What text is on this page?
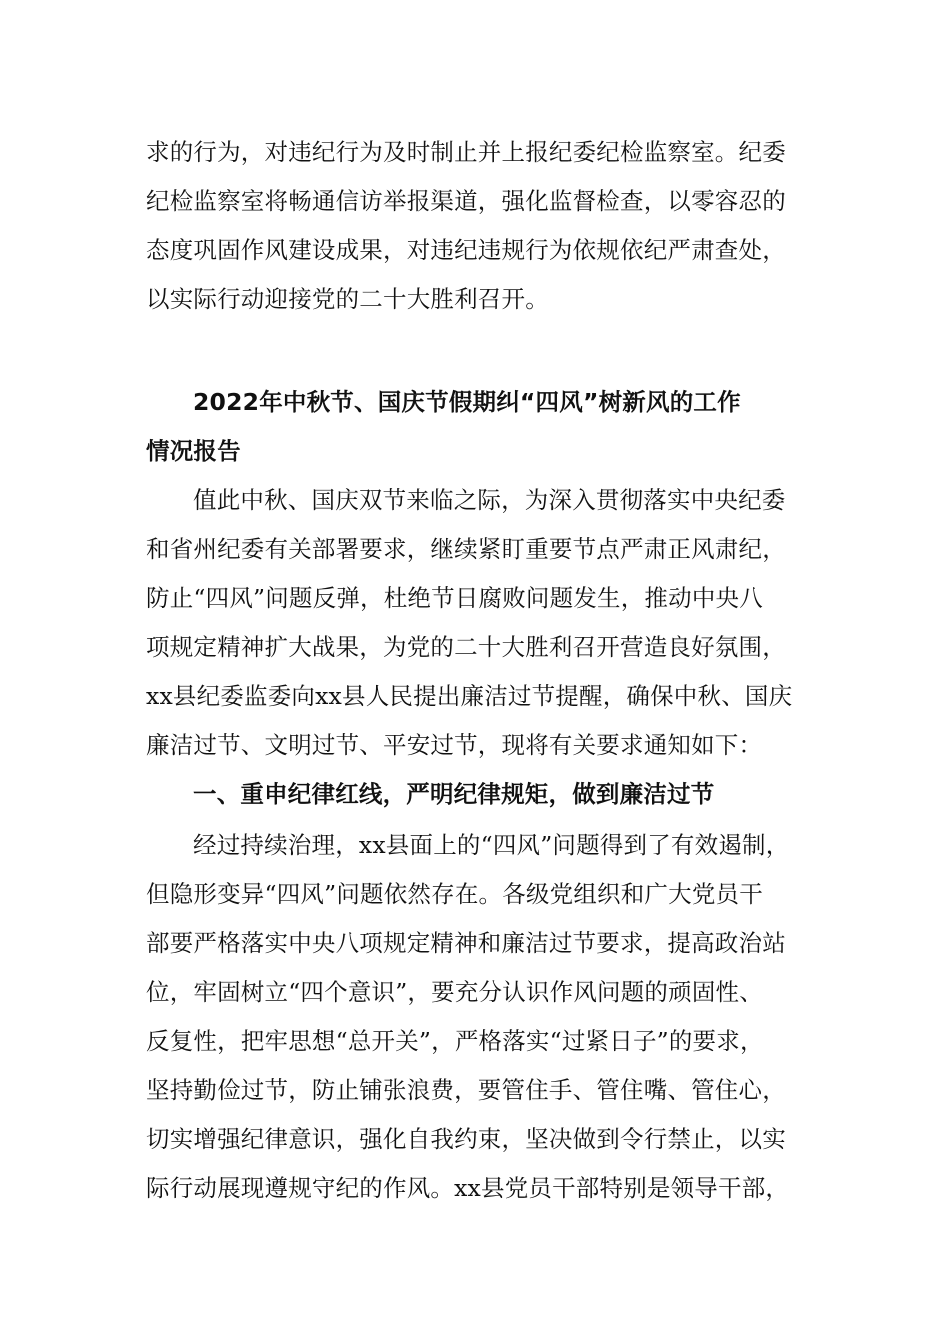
求的行为，对违纪行为及时制止并上报纪委纪检监察室。纪委
纪检监察室将畅通信访举报渠道，强化监督检查，以零容忍的
态度巩固作风建设成果，对违纪违规行为依规依纪严肃查处，
以实际行动迎接党的二十大胜利召开。
2022年中秋节、国庆节假期纠“四风”树新风的工作
情况报告
值此中秋、国庆双节来临之际，为深入贯彻落实中央纪委
和省州纪委有关部署要求，继续紧盯重要节点严肃正风肃纪，
防止“四风”问题反弹，杜绝节日腐败问题发生，推动中央八
项规定精神扩大战果，为党的二十大胜利召开营造良好氛围，
xx县纪委监委向xx县人民提出廉洁过节提醒，确保中秋、国庆
廉洁过节、文明过节、平安过节，现将有关要求通知如下：
一、重申纪律红线，严明纪律规矩，做到廉洁过节
经过持续治理，xx县面上的“四风”问题得到了有效遏制，
但隐形变异“四风”问题依然存在。各级党组织和广大党员干
部要严格落实中央八项规定精神和廉洁过节要求，提高政治站
位，牢固树立“四个意识”，要充分认识作风问题的顽固性、
反复性，把牢思想“总开关”，严格落实“过紧日子”的要求，
坚持勤俭过节，防止铺张浪费，要管住手、管住嘴、管住心，
切实增强纪律意识，强化自我约束，坚决做到令行禁止，以实
际行动展现遵规守纪的作风。xx县党员干部特别是领导干部，
